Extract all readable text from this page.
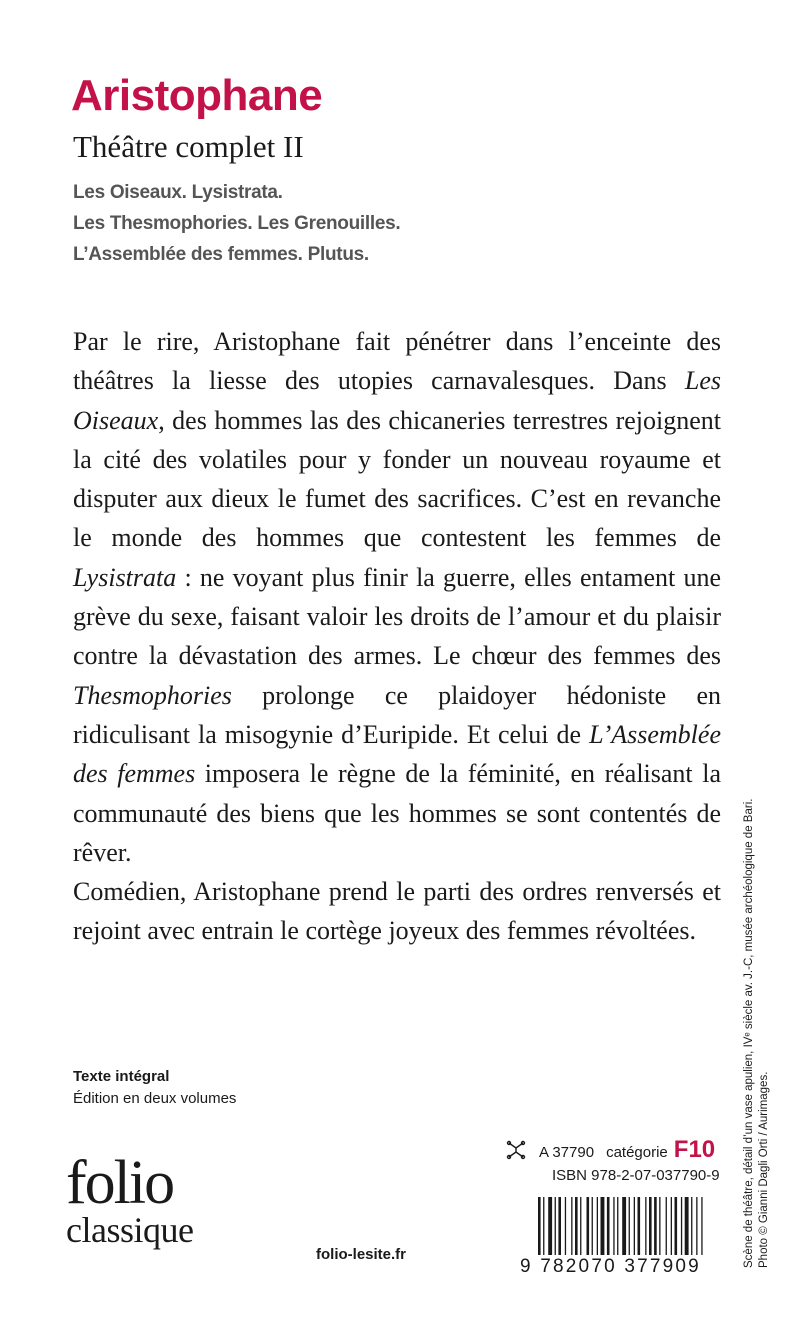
Aristophane
Théâtre complet II
Les Oiseaux. Lysistrata.
Les Thesmophories. Les Grenouilles.
L’Assemblée des femmes. Plutus.

Par le rire, Aristophane fait pénétrer dans l’enceinte des théâtres la liesse des utopies carnavalesques. Dans Les Oiseaux, des hommes las des chicaneries terrestres rejoignent la cité des volatiles pour y fonder un nouveau royaume et disputer aux dieux le fumet des sacrifices. C’est en revanche le monde des hommes que contestent les femmes de Lysistrata : ne voyant plus finir la guerre, elles entament une grève du sexe, faisant valoir les droits de l’amour et du plaisir contre la dévastation des armes. Le chœur des femmes des Thesmophories prolonge ce plaidoyer hédoniste en ridiculisant la misogynie d’Euripide. Et celui de L’Assemblée des femmes imposera le règne de la féminité, en réalisant la communauté des biens que les hommes se sont contentés de rêver.

Comédien, Aristophane prend le parti des ordres renversés et rejoint avec entrain le cortège joyeux des femmes révoltées.

Texte intégral
Édition en deux volumes
folio
classique
folio-lesite.fr
A 37790 catégorie F10
ISBN 978-2-07-037790-9
9 782070 377909	Scène de théâtre, détail d’un vase apulien, IVᵉ siècle av. J.-C, musée archéologique de Bari. Photo © Gianni Dagli Orti / Aurimages.
